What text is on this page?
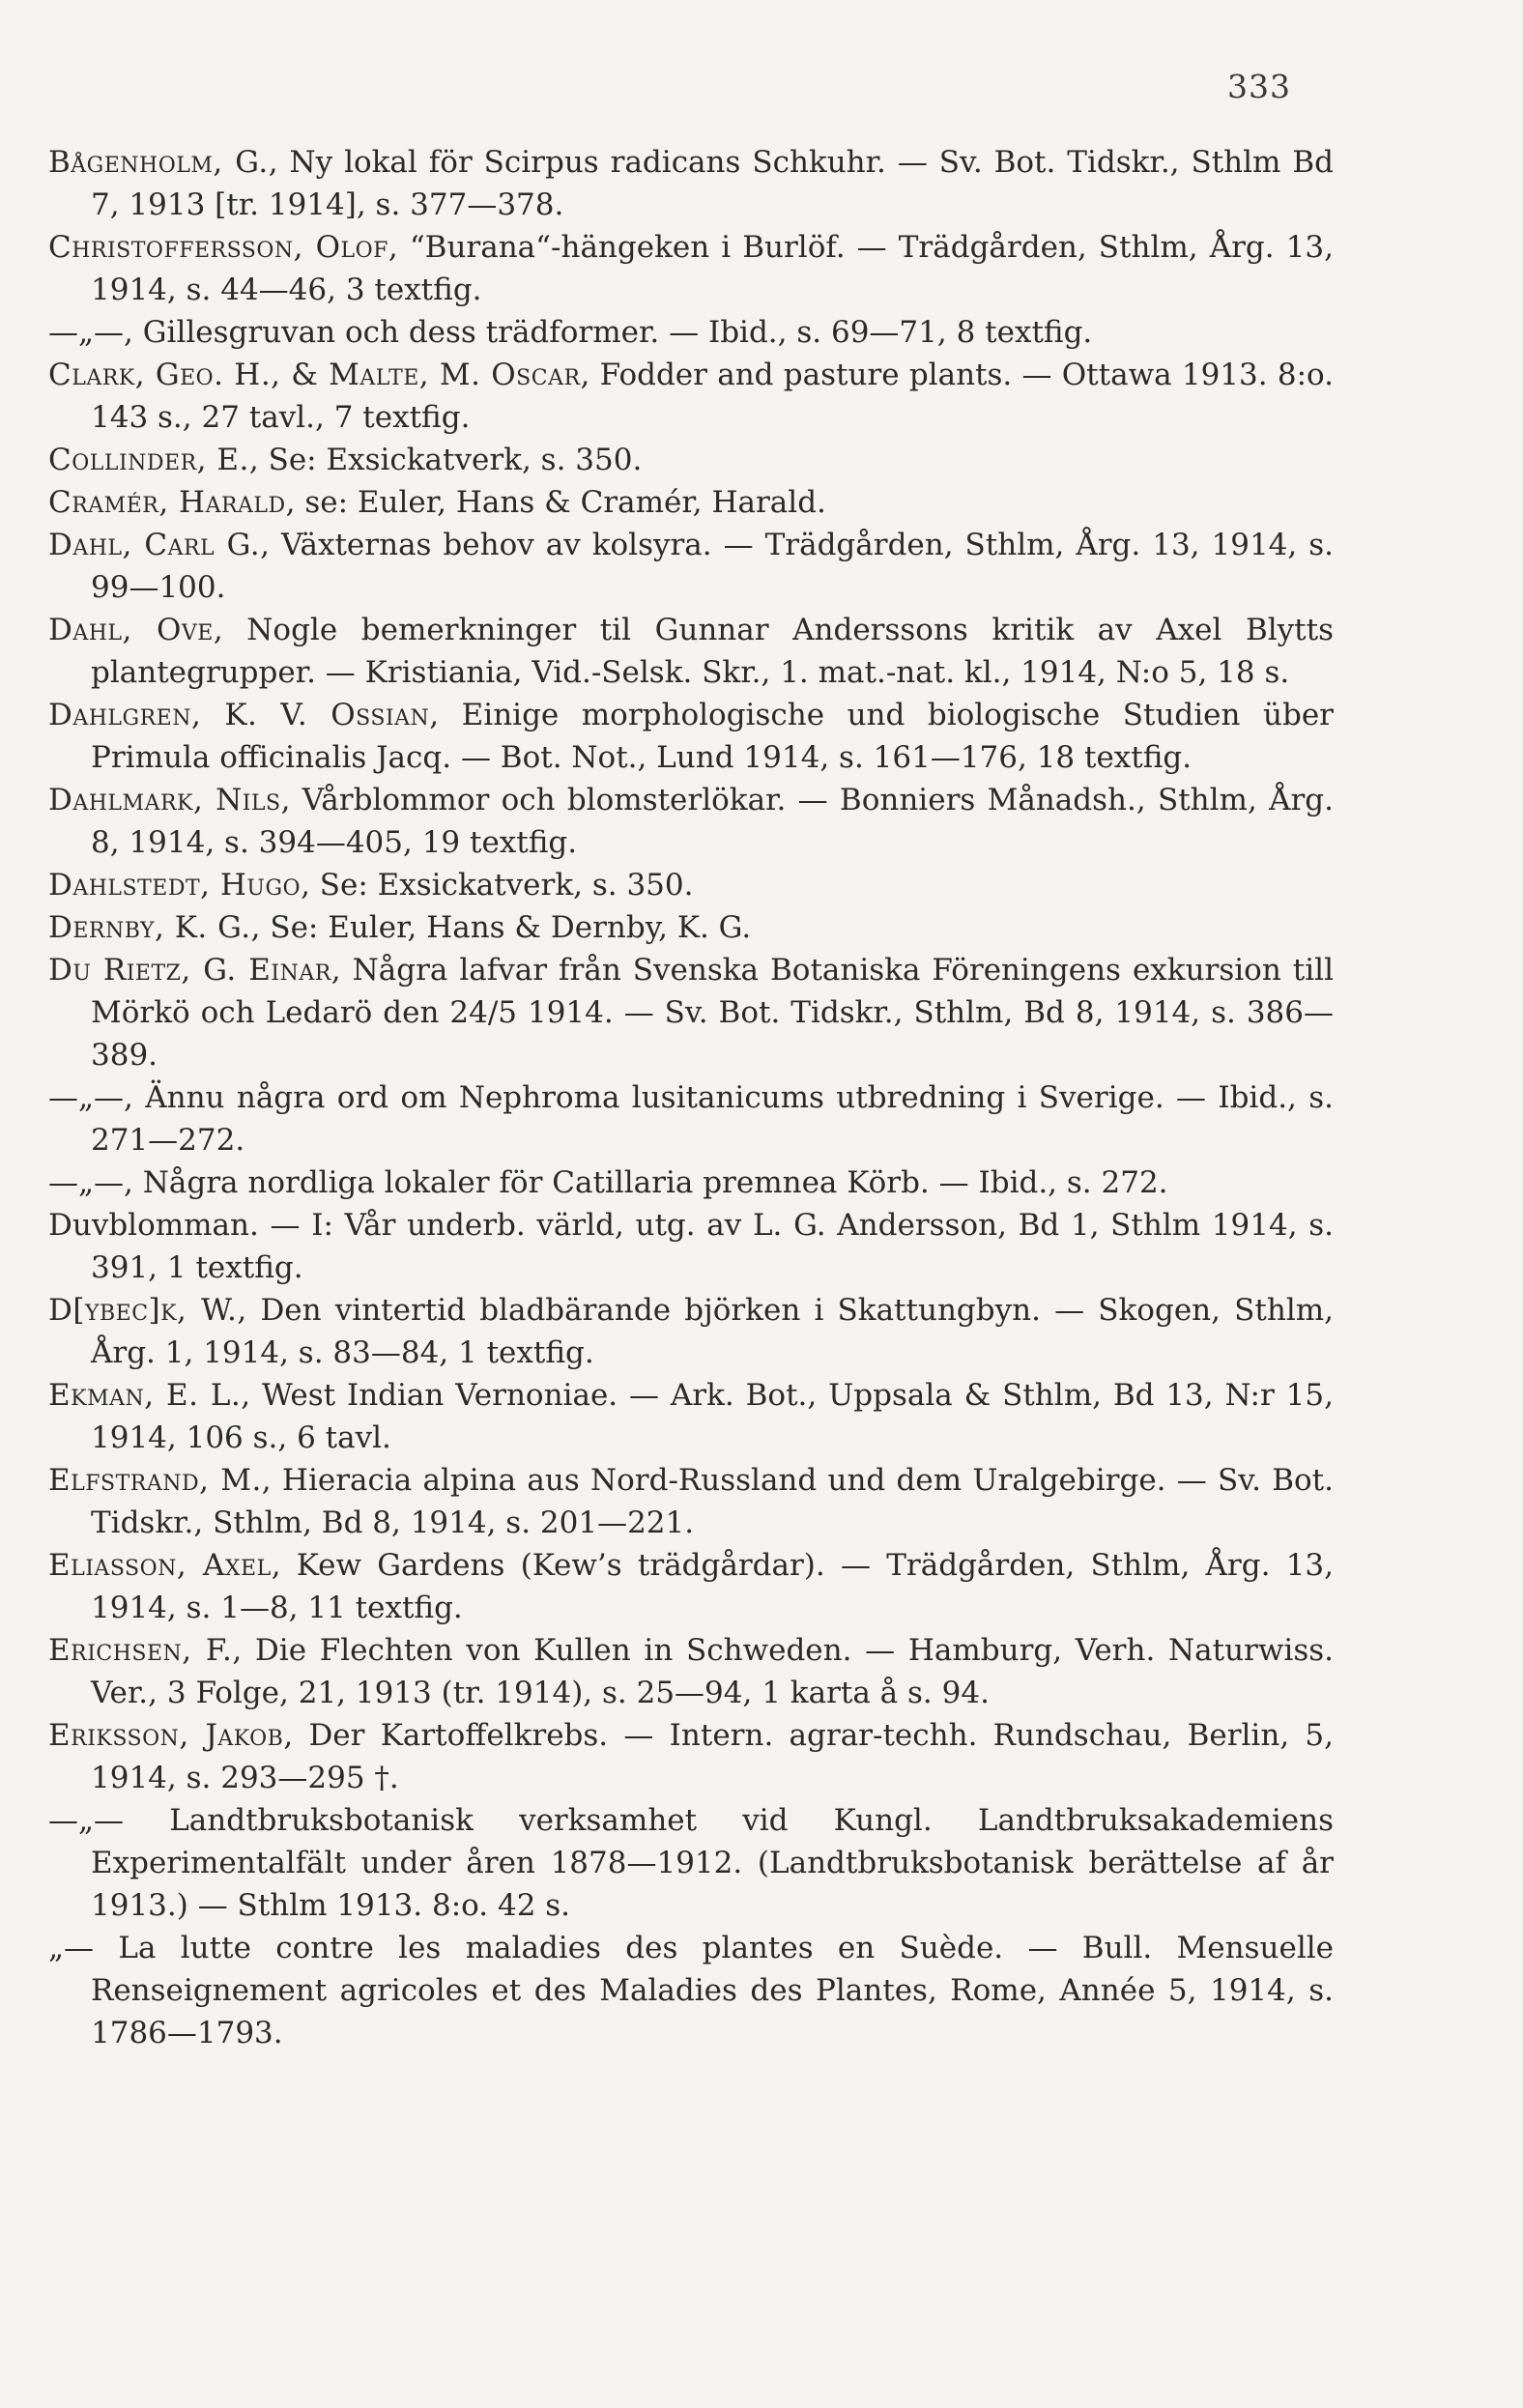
333
Bågenholm, G., Ny lokal för Scirpus radicans Schkuhr. — Sv. Bot. Tidskr., Sthlm Bd 7, 1913 [tr. 1914], s. 377—378.
Christoffersson, Olof, “Burana“-hängeken i Burlöf. — Trädgården, Sthlm, Årg. 13, 1914, s. 44—46, 3 textfig.
—„—, Gillesgruvan och dess trädformer. — Ibid., s. 69—71, 8 textfig.
Clark, Geo. H., & Malte, M. Oscar, Fodder and pasture plants. — Ottawa 1913. 8:o. 143 s., 27 tavl., 7 textfig.
Collinder, E., Se: Exsickatverk, s. 350.
Cramér, Harald, se: Euler, Hans & Cramér, Harald.
Dahl, Carl G., Växternas behov av kolsyra. — Trädgården, Sthlm, Årg. 13, 1914, s. 99—100.
Dahl, Ove, Nogle bemerkninger til Gunnar Anderssons kritik av Axel Blytts plantegrupper. — Kristiania, Vid.-Selsk. Skr., 1. mat.-nat. kl., 1914, N:o 5, 18 s.
Dahlgren, K. V. Ossian, Einige morphologische und biologische Studien über Primula officinalis Jacq. — Bot. Not., Lund 1914, s. 161—176, 18 textfig.
Dahlmark, Nils, Vårblommor och blomsterlökar. — Bonniers Månadsh., Sthlm, Årg. 8, 1914, s. 394—405, 19 textfig.
Dahlstedt, Hugo, Se: Exsickatverk, s. 350.
Dernby, K. G., Se: Euler, Hans & Dernby, K. G.
Du Rietz, G. Einar, Några lafvar från Svenska Botaniska Föreningens exkursion till Mörkö och Ledarö den 24/5 1914. — Sv. Bot. Tidskr., Sthlm, Bd 8, 1914, s. 386—389.
—„—, Ännu några ord om Nephroma lusitanicums utbredning i Sverige. — Ibid., s. 271—272.
—„—, Några nordliga lokaler för Catillaria premnea Körb. — Ibid., s. 272.
Duvblomman. — I: Vår underb. värld, utg. av L. G. Andersson, Bd 1, Sthlm 1914, s. 391, 1 textfig.
D[ybec]k, W., Den vintertid bladbärande björken i Skattungbyn. — Skogen, Sthlm, Årg. 1, 1914, s. 83—84, 1 textfig.
Ekman, E. L., West Indian Vernoniae. — Ark. Bot., Uppsala & Sthlm, Bd 13, N:r 15, 1914, 106 s., 6 tavl.
Elfstrand, M., Hieracia alpina aus Nord-Russland und dem Uralgebirge. — Sv. Bot. Tidskr., Sthlm, Bd 8, 1914, s. 201—221.
Eliasson, Axel, Kew Gardens (Kew’s trädgårdar). — Trädgården, Sthlm, Årg. 13, 1914, s. 1—8, 11 textfig.
Erichsen, F., Die Flechten von Kullen in Schweden. — Hamburg, Verh. Naturwiss. Ver., 3 Folge, 21, 1913 (tr. 1914), s. 25—94, 1 karta å s. 94.
Eriksson, Jakob, Der Kartoffelkrebs. — Intern. agrar-techh. Rundschau, Berlin, 5, 1914, s. 293—295 †.
—„— Landtbruksbotanisk verksamhet vid Kungl. Landtbruksakademiens Experimentalfält under åren 1878—1912. (Landtbruksbotanisk berättelse af år 1913.) — Sthlm 1913. 8:o. 42 s.
„— La lutte contre les maladies des plantes en Suède. — Bull. Mensuelle Renseignement agricoles et des Maladies des Plantes, Rome, Année 5, 1914, s. 1786—1793.
